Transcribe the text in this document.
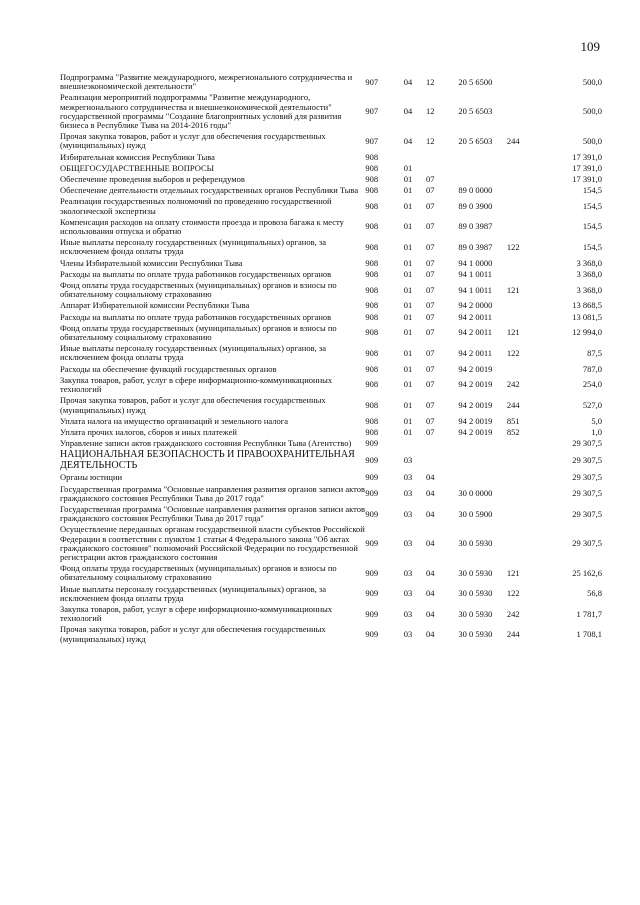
109
Подпрограмма "Развитие международного, межрегионального сотрудничества и внешнеэкономической деятельности"	907	04	12	20 5 6500		500,0
Реализация мероприятий подпрограммы "Развитие международного, межрегионального сотрудничества и внешнеэкономической деятельности" государственной программы "Создание благоприятных условий для развития бизнеса в Республике Тыва на 2014-2016 годы"	907	04	12	20 5 6503		500,0
Прочая закупка товаров, работ и услуг для обеспечения государственных (муниципальных) нужд	907	04	12	20 5 6503	244	500,0
Избирательная комиссия Республики Тыва	908					17 391,0
ОБЩЕГОСУДАРСТВЕННЫЕ ВОПРОСЫ	908	01				17 391,0
Обеспечение проведения выборов и референдумов	908	01	07			17 391,0
Обеспечение деятельности отдельных государственных органов Республики Тыва	908	01	07	89 0 0000		154,5
Реализация государственных полномочий по проведению государственной экологической экспертизы	908	01	07	89 0 3900		154,5
Компенсация расходов на оплату стоимости проезда и провоза багажа к месту использования отпуска и обратно	908	01	07	89 0 3987		154,5
Иные выплаты персоналу государственных (муниципальных) органов, за исключением фонда оплаты труда	908	01	07	89 0 3987	122	154,5
Члены Избирательной комиссии Республики Тыва	908	01	07	94 1 0000		3 368,0
Расходы на выплаты по оплате труда работников государственных органов	908	01	07	94 1 0011		3 368,0
Фонд оплаты труда государственных (муниципальных) органов и взносы по обязательному социальному страхованию	908	01	07	94 1 0011	121	3 368,0
Аппарат Избирательной комиссии Республики Тыва	908	01	07	94 2 0000		13 868,5
Расходы на выплаты по оплате труда работников государственных органов	908	01	07	94 2 0011		13 081,5
Фонд оплаты труда государственных (муниципальных) органов и взносы по обязательному социальному страхованию	908	01	07	94 2 0011	121	12 994,0
Иные выплаты персоналу государственных (муниципальных) органов, за исключением фонда оплаты труда	908	01	07	94 2 0011	122	87,5
Расходы на обеспечение функций государственных органов	908	01	07	94 2 0019		787,0
Закупка товаров, работ, услуг в сфере информационно-коммуникационных технологий	908	01	07	94 2 0019	242	254,0
Прочая закупка товаров, работ и услуг для обеспечения государственных (муниципальных) нужд	908	01	07	94 2 0019	244	527,0
Уплата налога на имущество организаций и земельного налога	908	01	07	94 2 0019	851	5,0
Уплата прочих налогов, сборов и иных платежей	908	01	07	94 2 0019	852	1,0
Управление записи актов гражданского состояния Республики Тыва (Агентство)	909					29 307,5
НАЦИОНАЛЬНАЯ БЕЗОПАСНОСТЬ И ПРАВООХРАНИТЕЛЬНАЯ ДЕЯТЕЛЬНОСТЬ	909	03				29 307,5
Органы юстиции	909	03	04			29 307,5
Государственная программа "Основные направления развития органов записи актов гражданского состояния Республики Тыва до 2017 года"	909	03	04	30 0 0000		29 307,5
Государственная программа "Основные направления развития органов записи актов гражданского состояния Республики Тыва до 2017 года"	909	03	04	30 0 5900		29 307,5
Осуществление переданных органам государственной власти субъектов Российской Федерации в соответствии с пунктом 1 статьи 4 Федерального закона "Об актах гражданского состояния" полномочий Российской Федерации по государственной регистрации актов гражданского состояния	909	03	04	30 0 5930		29 307,5
Фонд оплаты труда государственных (муниципальных) органов и взносы по обязательному социальному страхованию	909	03	04	30 0 5930	121	25 162,6
Иные выплаты персоналу государственных (муниципальных) органов, за исключением фонда оплаты труда	909	03	04	30 0 5930	122	56,8
Закупка товаров, работ, услуг в сфере информационно-коммуникационных технологий	909	03	04	30 0 5930	242	1 781,7
Прочая закупка товаров, работ и услуг для обеспечения государственных (муниципальных) нужд	909	03	04	30 0 5930	244	1 708,1
